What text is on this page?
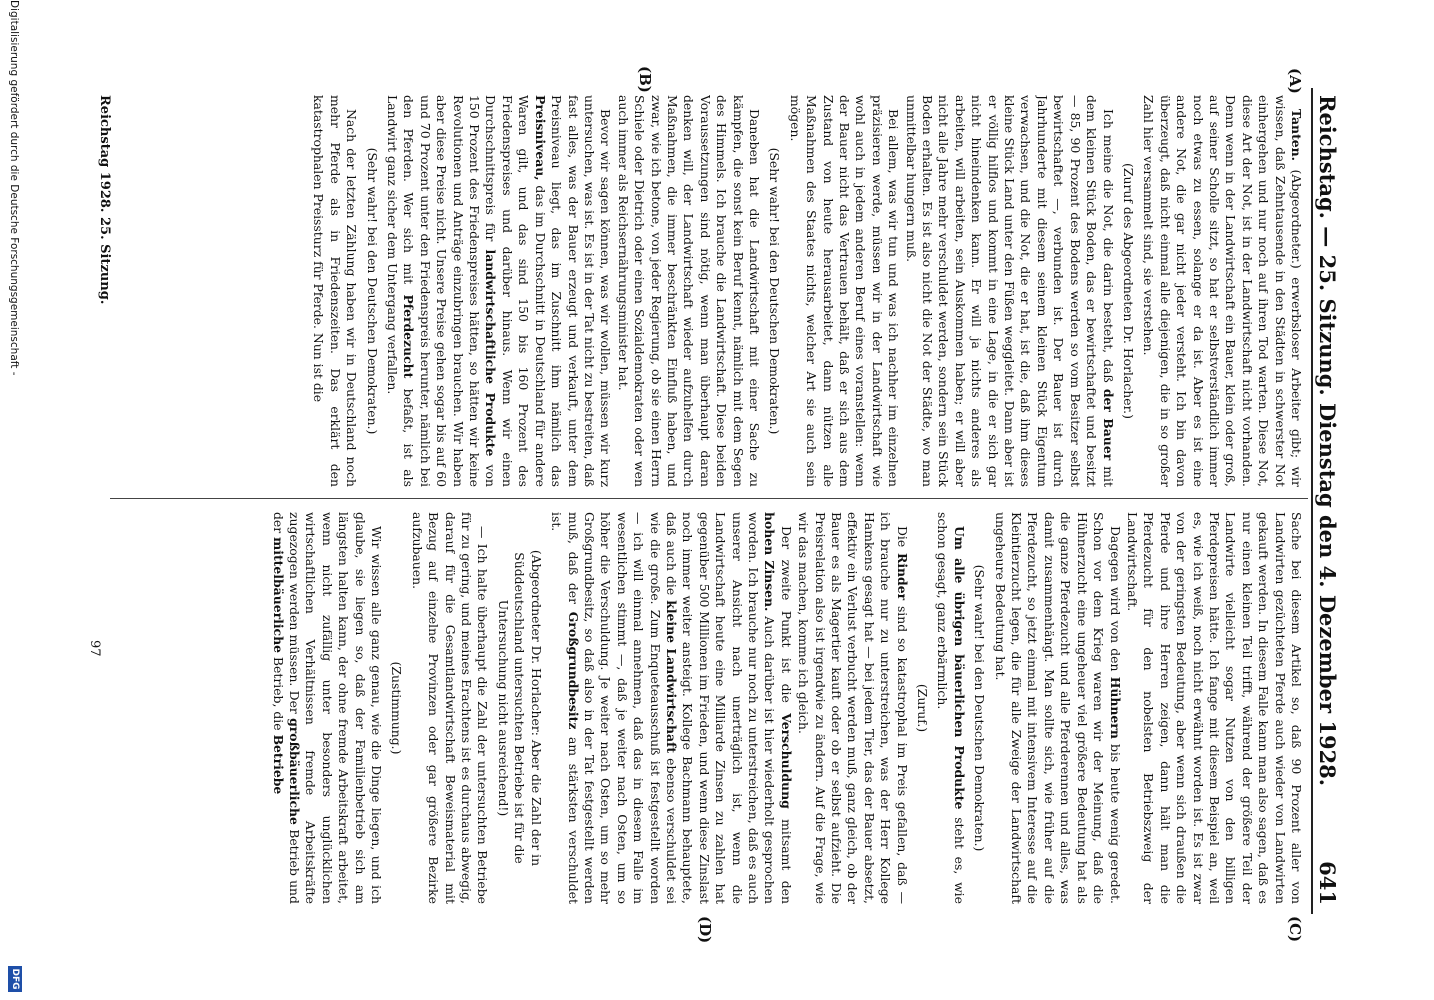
Reichstag. — 25. Sitzung. Dienstag den 4. Dezember 1928.
641
(A)
(B)
(C)
(D)

Tanten. (Abgeordneter.) erwerbsloser Arbeiter gibt; wir wissen, daß Zehntausende in den Städten in schwerster Not einhergehen und nur noch auf ihren Tod warten. Diese Not, diese Art der Not, ist in der Landwirtschaft nicht vorhanden. Denn wenn in der Landwirtschaft ein Bauer, klein oder groß, auf seiner Scholle sitzt, so hat er selbstverständlich immer noch etwas zu essen, solange er da ist. Aber es ist eine andere Not, die gar nicht jeder versteht. Ich bin davon überzeugt, daß nicht einmal alle diejenigen, die in so großer Zahl hier versammelt sind, sie verstehen.

(Zuruf des Abgeordneten Dr. Horlacher.)

Ich meine die Not, die darin besteht, daß der Bauer mit dem kleinen Stück Boden, das er bewirtschaftet und besitzt — 85, 90 Prozent des Bodens werden so vom Besitzer selbst bewirtschaftet —, verbunden ist. Der Bauer ist durch Jahrhunderte mit diesem seinem kleinen Stück Eigentum verwachsen, und die Not, die er hat, ist die, daß ihm dieses kleine Stück Land unter den Füßen weggleitet. Dann aber ist er völlig hilflos und kommt in eine Lage, in die er sich gar nicht hineindenken kann. Er will ja nichts anderes als arbeiten, will arbeiten, sein Auskommen haben; er will aber nicht alle Jahre mehr verschuldet werden, sondern sein Stück Boden erhalten. Es ist also nicht die Not der Städte, wo man unmittelbar hungern muß.

Bei allem, was wir tun und was ich nachher im einzelnen präzisieren werde, müssen wir in der Landwirtschaft wie wohl auch in jedem anderen Beruf eines voranstellen: wenn der Bauer nicht das Vertrauen behält, daß er sich aus dem Zustand von heute herausarbeitet, dann nützen alle Maßnahmen des Staates nichts, welcher Art sie auch sein mögen.

(Sehr wahr! bei den Deutschen Demokraten.)

Daneben hat die Landwirtschaft mit einer Sache zu kämpfen, die sonst kein Beruf kennt, nämlich mit dem Segen des Himmels. Ich brauche die Landwirtschaft. Diese beiden Voraussetzungen sind nötig, wenn man überhaupt daran denken will, der Landwirtschaft wieder aufzuhelfen durch Maßnahmen, die immer beschränkten Einfluß haben, und zwar, wie ich betone, von jeder Regierung, ob sie einen Herrn Schiele oder Dietrich oder einen Sozialdemokraten oder wen auch immer als Reichsernährungsminister hat.

Bevor wir sagen können, was wir wollen, müssen wir kurz untersuchen, was ist. Es ist in der Tat nicht zu bestreiten, daß fast alles, was der Bauer erzeugt und verkauft, unter dem Preisniveau liegt, das im Zuschnitt ihm nämlich das Preisniveau, das im Durchschnitt in Deutschland für andere Waren gilt, und das sind 150 bis 160 Prozent des Friedenspreises und darüber hinaus. Wenn wir einen Durchschnittspreis für landwirtschaftliche Produkte von 150 Prozent des Friedenspreises hätten, so hätten wir keine Revolutionen und Anträge einzubringen brauchen. Wir haben aber diese Preise nicht. Unsere Preise gehen sogar bis auf 60 und 70 Prozent unter den Friedenspreis herunter, nämlich bei den Pferden. Wer sich mit Pferdezucht befaßt, ist als Landwirt ganz sicher dem Untergang verfallen.

(Sehr wahr! bei den Deutschen Demokraten.)

Nach der letzten Zählung haben wir in Deutschland noch mehr Pferde als in Friedenszeiten. Das erklärt den katastrophalen Preissturz für Pferde. Nun ist die

Sache bei diesem Artikel so, daß 90 Prozent aller von Landwirten gezüchteten Pferde auch wieder von Landwirten gekauft werden. In diesem Falle kann man also sagen, daß es nur einen kleinen Teil trifft, während der größere Teil der Landwirte vielleicht sogar Nutzen von den billigen Pferdepreisen hätte. Ich fange mit diesem Beispiel an, weil es, wie ich weiß, noch nicht erwähnt worden ist. Es ist zwar von der geringsten Bedeutung, aber wenn sich draußen die Pferde und ihre Herren zeigen, dann hält man die Pferdezucht für den nobelsten Betriebszweig der Landwirtschaft.

Dagegen wird von den Hühnern bis heute wenig geredet. Schon vor dem Krieg waren wir der Meinung, daß die Hühnerzucht eine ungeheuer viel größere Bedeutung hat als die ganze Pferdezucht und alle Pferderennen und alles, was damit zusammenhängt. Man sollte sich, wie früher auf die Pferdezucht, so jetzt einmal mit intensivem Interesse auf die Kleintierzucht legen, die für alle Zweige der Landwirtschaft ungeheure Bedeutung hat.

(Sehr wahr! bei den Deutschen Demokraten.)

Um alle übrigen bäuerlichen Produkte steht es, wie schon gesagt, ganz erbärmlich.

(Zuruf.)

Die Rinder sind so katastrophal im Preis gefallen, daß — ich brauche nur zu unterstreichen, was der Herr Kollege Hamkens gesagt hat — bei jedem Tier, das der Bauer absetzt, effektiv ein Verlust verbucht werden muß, ganz gleich, ob der Bauer es als Magertier kauft oder ob er selbst aufzieht. Die Preisrelation also ist irgendwie zu ändern. Auf die Frage, wie wir das machen, komme ich gleich.

Der zweite Punkt ist die Verschuldung mitsamt den hohen Zinsen. Auch darüber ist hier wiederholt gesprochen worden. Ich brauche nur noch zu unterstreichen, daß es auch unserer Ansicht nach unerträglich ist, wenn die Landwirtschaft heute eine Milliarde Zinsen zu zahlen hat gegenüber 500 Millionen im Frieden, und wenn diese Zinslast noch immer weiter ansteigt. Kollege Bachmann behauptete, daß auch die kleine Landwirtschaft ebenso verschuldet sei wie die große. Zum Enqueteausschuß ist festgestellt worden — ich will einmal annehmen, daß das in diesem Falle im wesentlichen stimmt —, daß je weiter nach Osten, um so höher die Verschuldung. Je weiter nach Osten, um so mehr Großgrundbesitz, so daß also in der Tat festgestellt werden muß, daß der Großgrundbesitz am stärksten verschuldet ist.

(Abgeordneter Dr. Horlacher: Aber die Zahl der in Süddeutschland untersuchten Betriebe ist für die Untersuchung nicht ausreichend!)

— Ich halte überhaupt die Zahl der untersuchten Betriebe für zu gering, und meines Erachtens ist es durchaus abwegig, darauf für die Gesamtlandwirtschaft Beweismaterial mit Bezug auf einzelne Provinzen oder gar größere Bezirke aufzubauen.

(Zustimmung.)

Wir wissen alle ganz genau, wie die Dinge liegen, und ich glaube, sie liegen so, daß der Familienbetrieb sich am längsten halten kann, der ohne fremde Arbeitskraft arbeitet, wenn nicht zufällig unter besonders unglücklichen wirtschaftlichen Verhältnissen fremde Arbeitskräfte zugezogen werden müssen. Der großbäuerliche Betrieb und der mittelbäuerliche Betrieb, die Betriebe

Reichstag 1928. 25. Sitzung.
97
Digitalisierung gefördert durch die Deutsche Forschungsgemeinschaft -
DFG
